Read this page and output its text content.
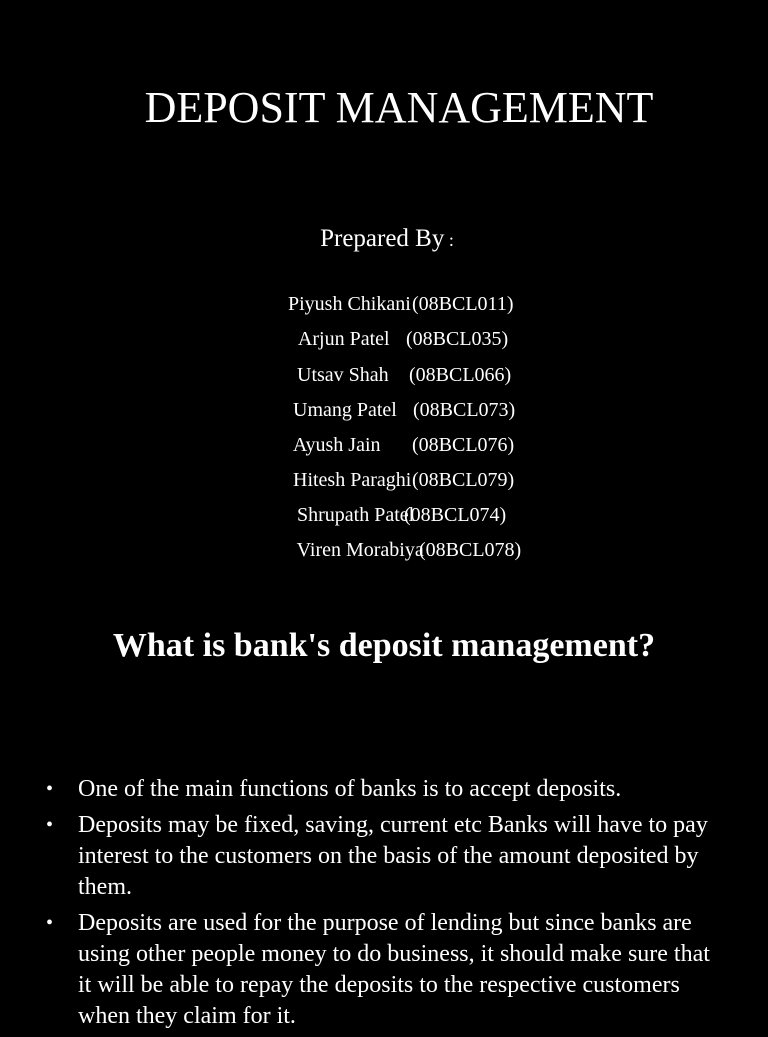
DEPOSIT MANAGEMENT
Prepared By :

Piyush Chikani (08BCL011)

Arjun Patel (08BCL035)

Utsav Shah (08BCL066)

Umang Patel (08BCL073)

Ayush Jain (08BCL076)

Hitesh Paraghi (08BCL079)

Shrupath Patel
(08BCL074)

Viren Morabiya
(08BCL078)

What is bank's deposit management?
• One of the main functions of banks is to accept deposits.
• Deposits may be fixed, saving, current etc Banks will have to pay interest to the customers on the basis of the amount deposited by them.
• Deposits are used for the purpose of lending but since banks are using other people money to do business, it should make sure that it will be able to repay the deposits to the respective customers when they claim for it.
